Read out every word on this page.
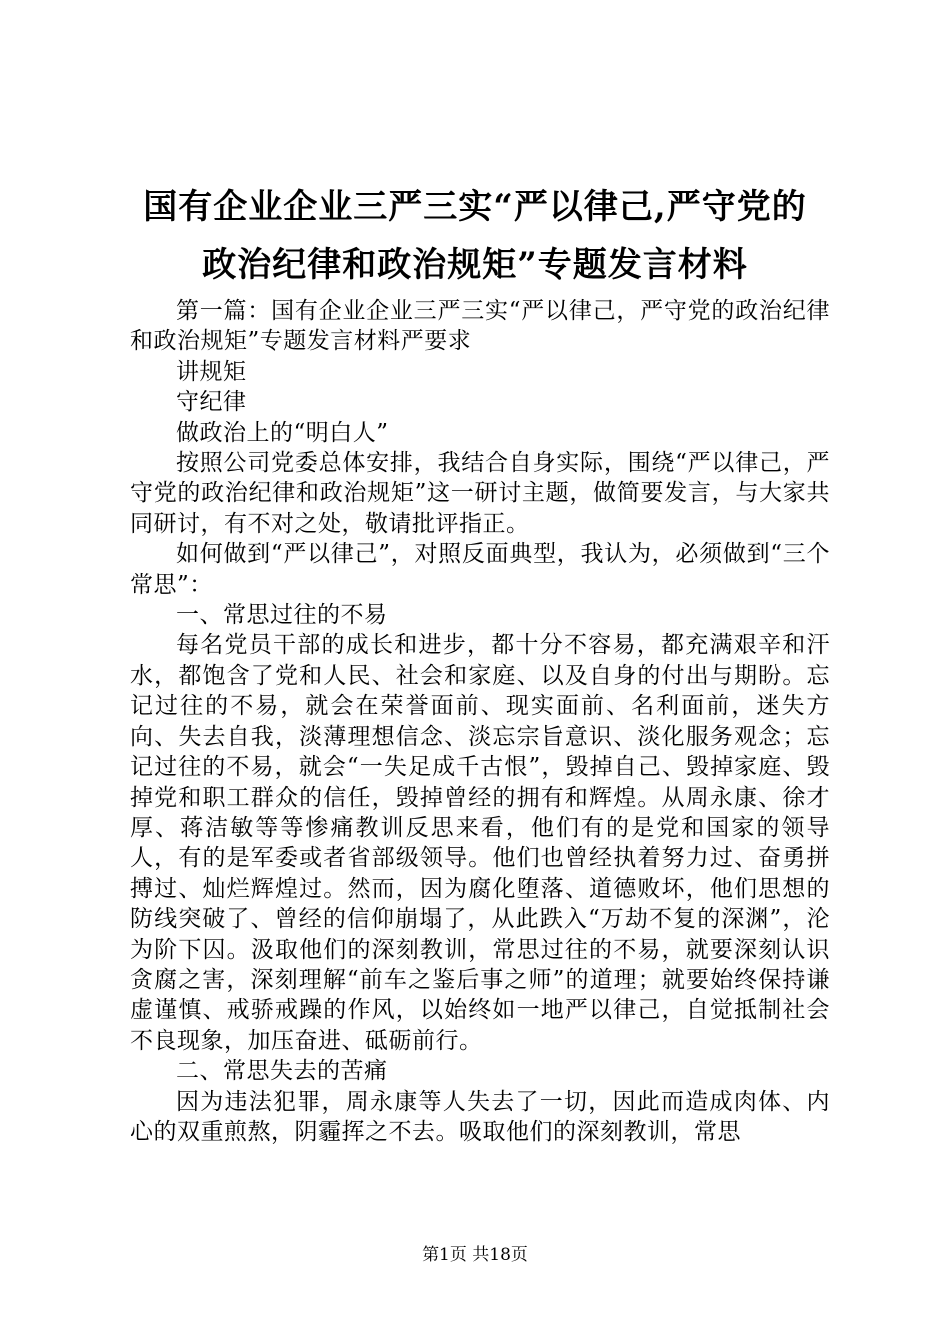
国有企业企业三严三实“严以律己,严守党的
政治纪律和政治规矩”专题发言材料

第一篇：国有企业企业三严三实“严以律己，严守党的政治纪律和政治规矩”专题发言材料严要求

讲规矩

守纪律

做政治上的“明白人”

按照公司党委总体安排，我结合自身实际，围绕“严以律己，严守党的政治纪律和政治规矩”这一研讨主题，做简要发言，与大家共同研讨，有不对之处，敬请批评指正。

如何做到“严以律己”，对照反面典型，我认为，必须做到“三个常思”：

一、常思过往的不易

每名党员干部的成长和进步，都十分不容易，都充满艰辛和汗水，都饱含了党和人民、社会和家庭、以及自身的付出与期盼。忘记过往的不易，就会在荣誉面前、现实面前、名利面前，迷失方向、失去自我，淡薄理想信念、淡忘宗旨意识、淡化服务观念；忘记过往的不易，就会“一失足成千古恨”，毁掉自己、毁掉家庭、毁掉党和职工群众的信任，毁掉曾经的拥有和辉煌。从周永康、徐才厚、蒋洁敏等等惨痛教训反思来看，他们有的是党和国家的领导人，有的是军委或者省部级领导。他们也曾经执着努力过、奋勇拼搏过、灿烂辉煌过。然而，因为腐化堕落、道德败坏，他们思想的防线突破了、曾经的信仰崩塌了，从此跌入“万劫不复的深渊”，沦为阶下囚。汲取他们的深刻教训，常思过往的不易，就要深刻认识贪腐之害，深刻理解“前车之鉴后事之师”的道理；就要始终保持谦虚谨慎、戒骄戒躁的作风，以始终如一地严以律己，自觉抵制社会不良现象，加压奋进、砥砺前行。

二、常思失去的苦痛

因为违法犯罪，周永康等人失去了一切，因此而造成肉体、内心的双重煎熬，阴霾挥之不去。吸取他们的深刻教训，常思

第1页 共18页
